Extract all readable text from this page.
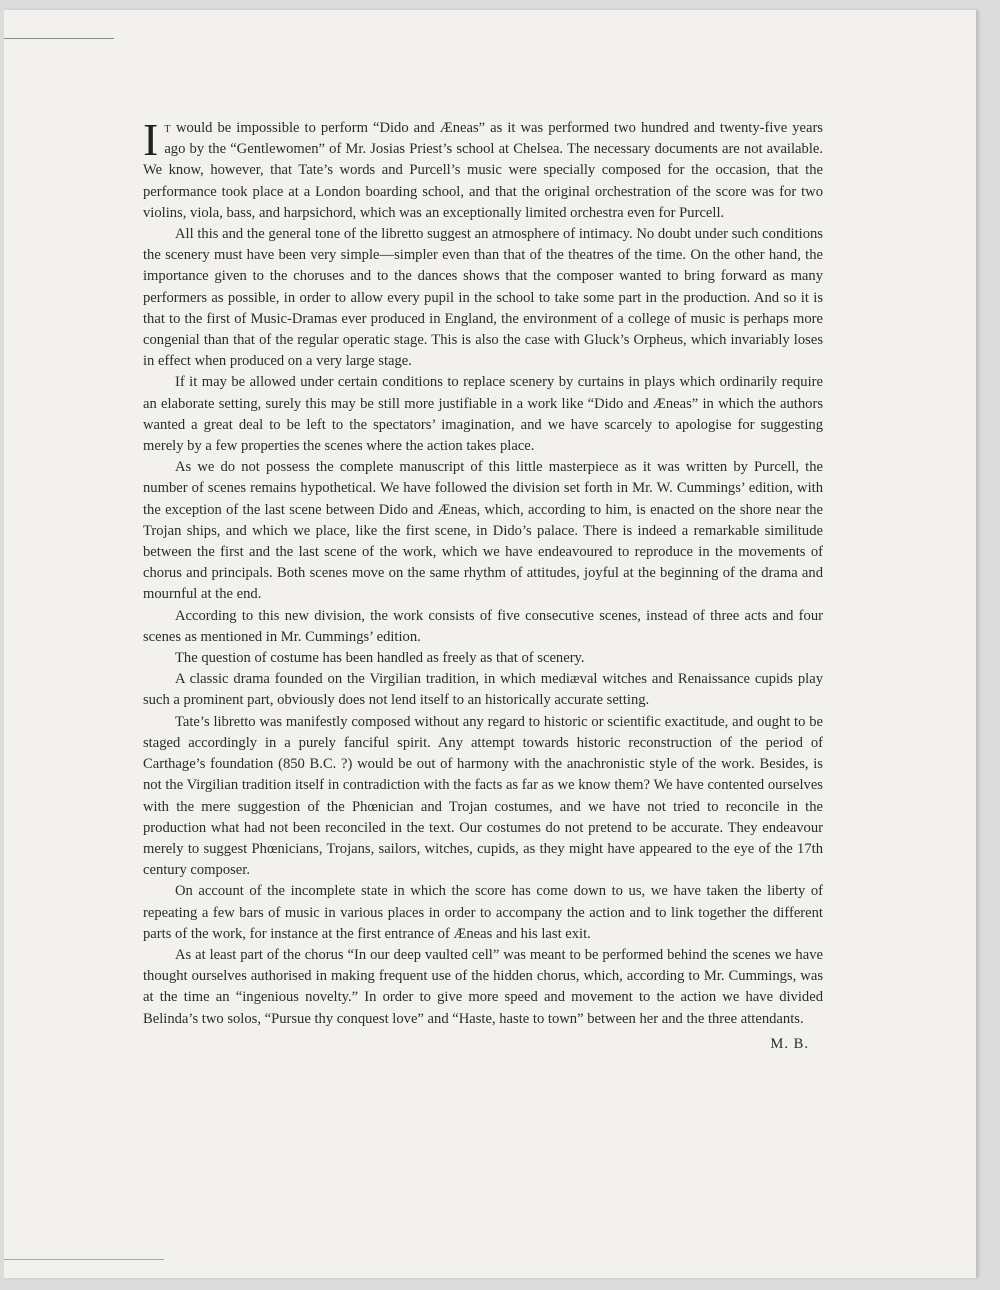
It would be impossible to perform “Dido and Æneas” as it was performed two hundred and twenty-five years ago by the “Gentlewomen” of Mr. Josias Priest’s school at Chelsea. The necessary documents are not available. We know, however, that Tate’s words and Purcell’s music were specially composed for the occasion, that the performance took place at a London boarding school, and that the original orchestration of the score was for two violins, viola, bass, and harpsichord, which was an exceptionally limited orchestra even for Purcell.

All this and the general tone of the libretto suggest an atmosphere of intimacy. No doubt under such conditions the scenery must have been very simple—simpler even than that of the theatres of the time. On the other hand, the importance given to the choruses and to the dances shows that the composer wanted to bring forward as many performers as possible, in order to allow every pupil in the school to take some part in the production. And so it is that to the first of Music-Dramas ever produced in England, the environment of a college of music is perhaps more congenial than that of the regular operatic stage. This is also the case with Gluck’s Orpheus, which invariably loses in effect when produced on a very large stage.

If it may be allowed under certain conditions to replace scenery by curtains in plays which ordinarily require an elaborate setting, surely this may be still more justifiable in a work like “Dido and Æneas” in which the authors wanted a great deal to be left to the spectators’ imagination, and we have scarcely to apologise for suggesting merely by a few properties the scenes where the action takes place.

As we do not possess the complete manuscript of this little masterpiece as it was written by Purcell, the number of scenes remains hypothetical. We have followed the division set forth in Mr. W. Cummings’ edition, with the exception of the last scene between Dido and Æneas, which, according to him, is enacted on the shore near the Trojan ships, and which we place, like the first scene, in Dido’s palace. There is indeed a remarkable similitude between the first and the last scene of the work, which we have endeavoured to reproduce in the movements of chorus and principals. Both scenes move on the same rhythm of attitudes, joyful at the beginning of the drama and mournful at the end.

According to this new division, the work consists of five consecutive scenes, instead of three acts and four scenes as mentioned in Mr. Cummings’ edition.

The question of costume has been handled as freely as that of scenery.

A classic drama founded on the Virgilian tradition, in which mediæval witches and Renaissance cupids play such a prominent part, obviously does not lend itself to an historically accurate setting.

Tate’s libretto was manifestly composed without any regard to historic or scientific exactitude, and ought to be staged accordingly in a purely fanciful spirit. Any attempt towards historic reconstruction of the period of Carthage’s foundation (850 B.C. ?) would be out of harmony with the anachronistic style of the work. Besides, is not the Virgilian tradition itself in contradiction with the facts as far as we know them? We have contented ourselves with the mere suggestion of the Phœnician and Trojan costumes, and we have not tried to reconcile in the production what had not been reconciled in the text. Our costumes do not pretend to be accurate. They endeavour merely to suggest Phœnicians, Trojans, sailors, witches, cupids, as they might have appeared to the eye of the 17th century composer.

On account of the incomplete state in which the score has come down to us, we have taken the liberty of repeating a few bars of music in various places in order to accompany the action and to link together the different parts of the work, for instance at the first entrance of Æneas and his last exit.

As at least part of the chorus “In our deep vaulted cell” was meant to be performed behind the scenes we have thought ourselves authorised in making frequent use of the hidden chorus, which, according to Mr. Cummings, was at the time an “ingenious novelty.” In order to give more speed and movement to the action we have divided Belinda’s two solos, “Pursue thy conquest love” and “Haste, haste to town” between her and the three attendants.

M. B.
